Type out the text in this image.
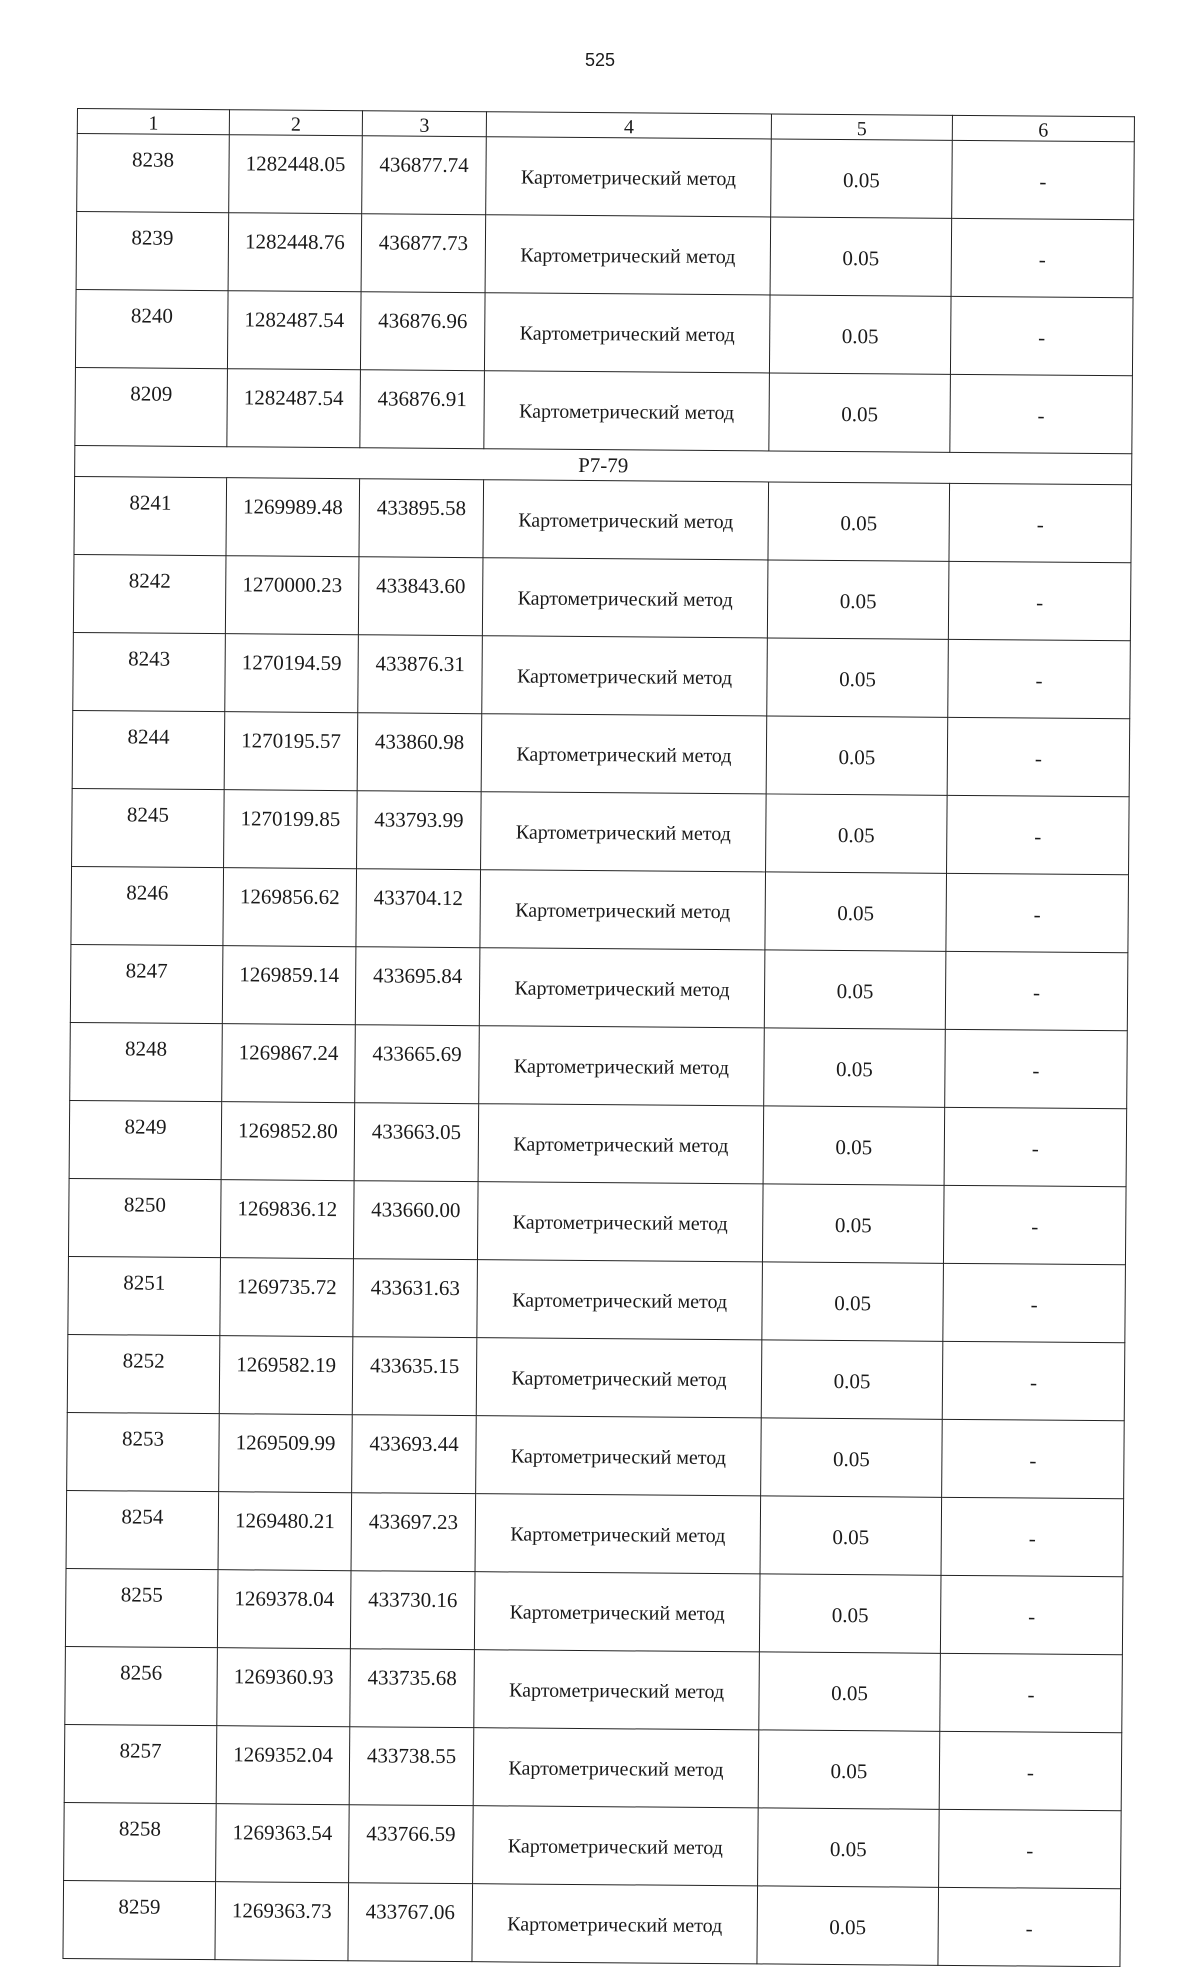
525
1	2	3	4	5	6
8238	1282448.05	436877.74	Картометрический метод	0.05	-
8239	1282448.76	436877.73	Картометрический метод	0.05	-
8240	1282487.54	436876.96	Картометрический метод	0.05	-
8209	1282487.54	436876.91	Картометрический метод	0.05	-
Р7-79					
8241	1269989.48	433895.58	Картометрический метод	0.05	-
8242	1270000.23	433843.60	Картометрический метод	0.05	-
8243	1270194.59	433876.31	Картометрический метод	0.05	-
8244	1270195.57	433860.98	Картометрический метод	0.05	-
8245	1270199.85	433793.99	Картометрический метод	0.05	-
8246	1269856.62	433704.12	Картометрический метод	0.05	-
8247	1269859.14	433695.84	Картометрический метод	0.05	-
8248	1269867.24	433665.69	Картометрический метод	0.05	-
8249	1269852.80	433663.05	Картометрический метод	0.05	-
8250	1269836.12	433660.00	Картометрический метод	0.05	-
8251	1269735.72	433631.63	Картометрический метод	0.05	-
8252	1269582.19	433635.15	Картометрический метод	0.05	-
8253	1269509.99	433693.44	Картометрический метод	0.05	-
8254	1269480.21	433697.23	Картометрический метод	0.05	-
8255	1269378.04	433730.16	Картометрический метод	0.05	-
8256	1269360.93	433735.68	Картометрический метод	0.05	-
8257	1269352.04	433738.55	Картометрический метод	0.05	-
8258	1269363.54	433766.59	Картометрический метод	0.05	-
8259	1269363.73	433767.06	Картометрический метод	0.05	-
